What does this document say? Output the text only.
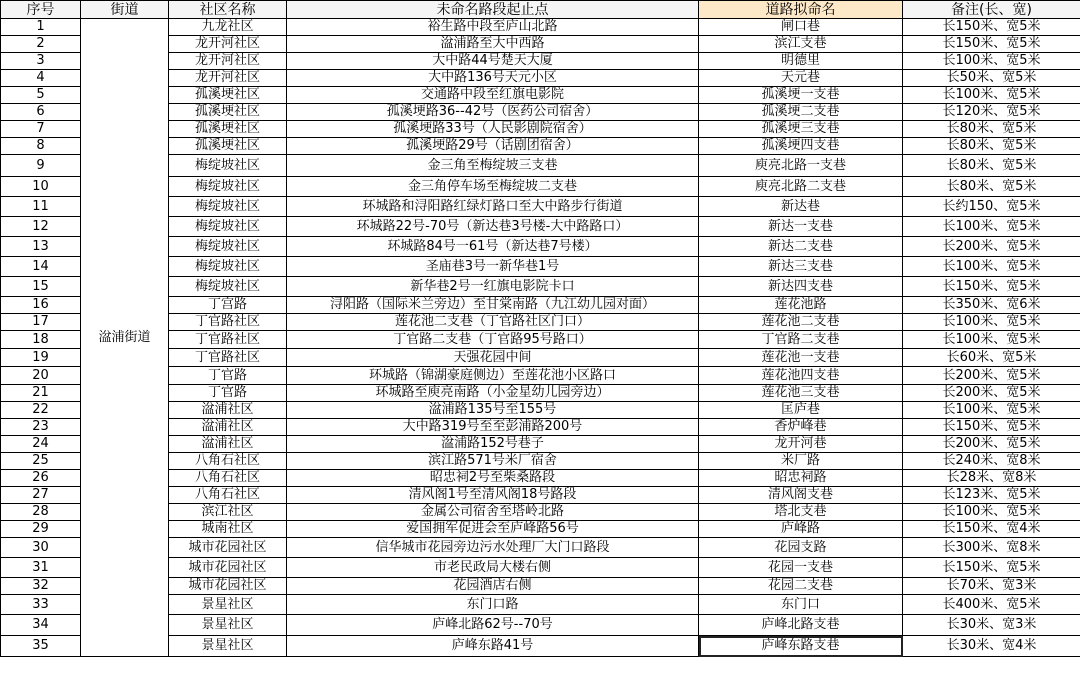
序号	街道	社区名称	未命名路段起止点	道路拟命名	备注(长、宽)
1	湓浦街道	九龙社区	裕生路中段至庐山北路	闸口巷	长150米、宽5米
2		龙开河社区	湓浦路至大中西路	滨江支巷	长150米、宽5米
3		龙开河社区	大中路44号楚天大厦	明德里	长100米、宽5米
4		龙开河社区	大中路136号天元小区	天元巷	长50米、宽5米
5		孤溪埂社区	交通路中段至红旗电影院	孤溪埂一支巷	长100米、宽5米
6		孤溪埂社区	孤溪埂路36--42号（医药公司宿舍）	孤溪埂二支巷	长120米、宽5米
7		孤溪埂社区	孤溪埂路33号（人民影剧院宿舍）	孤溪埂三支巷	长80米、宽5米
8		孤溪埂社区	孤溪埂路29号（话剧团宿舍）	孤溪埂四支巷	长80米、宽5米
9		梅绽坡社区	金三角至梅绽坡三支巷	庾亮北路一支巷	长80米、宽5米
10		梅绽坡社区	金三角停车场至梅绽坡二支巷	庾亮北路二支巷	长80米、宽5米
11		梅绽坡社区	环城路和浔阳路红绿灯路口至大中路步行街道	新达巷	长约150、宽5米
12		梅绽坡社区	环城路22号-70号（新达巷3号楼-大中路路口）	新达一支巷	长100米、宽5米
13		梅绽坡社区	环城路84号一61号（新达巷7号楼）	新达二支巷	长200米、宽5米
14		梅绽坡社区	圣庙巷3号一新华巷1号	新达三支巷	长100米、宽5米
15		梅绽坡社区	新华巷2号一红旗电影院卡口	新达四支巷	长150米、宽5米
16		丁宫路	浔阳路（国际米兰旁边）至甘棠南路（九江幼儿园对面）	莲花池路	长350米、宽6米
17		丁官路社区	莲花池二支巷（丁官路社区门口）	莲花池二支巷	长100米、宽5米
18		丁官路社区	丁官路二支巷（丁官路95号路口）	丁官路二支巷	长100米、宽5米
19		丁官路社区	天强花园中间	莲花池一支巷	长60米、宽5米
20		丁官路	环城路（锦湖豪庭侧边）至莲花池小区路口	莲花池四支巷	长200米、宽5米
21		丁官路	环城路至庾亮南路（小金星幼儿园旁边）	莲花池三支巷	长200米、宽5米
22		湓浦社区	湓浦路135号至155号	匡庐巷	长100米、宽5米
23		湓浦社区	大中路319号至至彭浦路200号	香炉峰巷	长150米、宽5米
24		湓浦社区	湓浦路152号巷子	龙开河巷	长200米、宽5米
25		八角石社区	滨江路571号米厂宿舍	米厂路	长240米、宽8米
26		八角石社区	昭忠祠2号至柴桑路段	昭忠祠路	长28米、宽8米
27		八角石社区	清风阁1号至清风阁18号路段	清风阁支巷	长123米、宽5米
28		滨江社区	金属公司宿舍至塔岭北路	塔北支巷	长100米、宽5米
29		城南社区	爱国拥军促进会至庐峰路56号	庐峰路	长150米、宽4米
30		城市花园社区	信华城市花园旁边污水处理厂大门口路段	花园支路	长300米、宽8米
31		城市花园社区	市老民政局大楼右侧	花园一支巷	长150米、宽5米
32		城市花园社区	花园酒店右侧	花园二支巷	长70米、宽3米
33		景星社区	东门口路	东门口	长400米、宽5米
34		景星社区	庐峰北路62号--70号	庐峰北路支巷	长30米、宽3米
35		景星社区	庐峰东路41号	庐峰东路支巷	长30米、宽4米
